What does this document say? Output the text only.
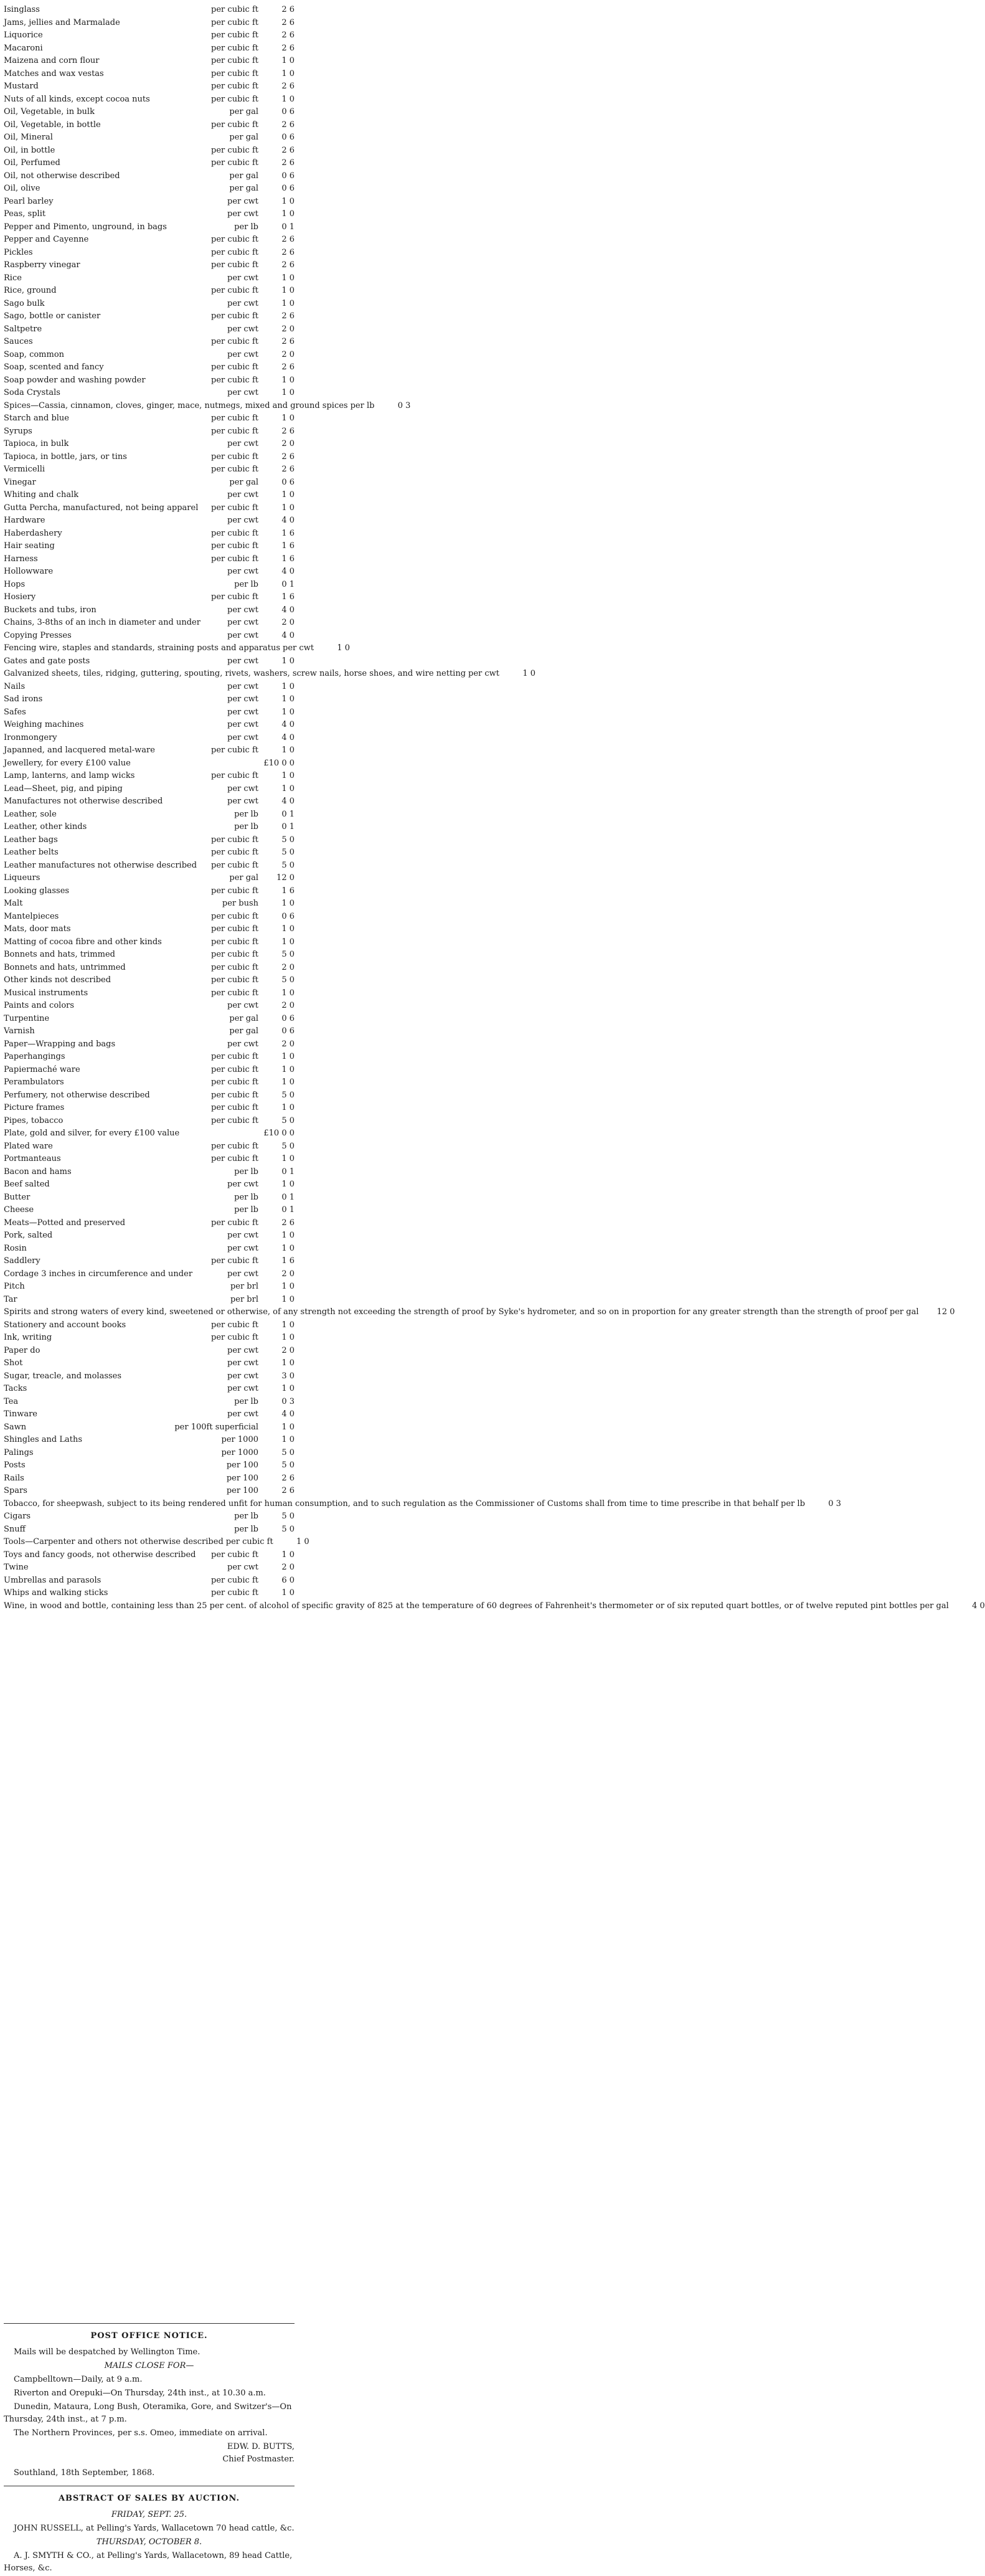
Isinglass	per cubic ft	2 6
Jams, jellies and Marmalade	per cubic ft	2 6
Liquorice	per cubic ft	2 6
Macaroni	per cubic ft	2 6
Maizena and corn flour	per cubic ft	1 0
Matches and wax vestas	per cubic ft	1 0
Mustard	per cubic ft	2 6
Nuts of all kinds, except cocoa nuts	per cubic ft	1 0
Oil, Vegetable, in bulk	per gal	0 6
Oil, Vegetable, in bottle	per cubic ft	2 6
Oil, Mineral	per gal	0 6
Oil, in bottle	per cubic ft	2 6
Oil, Perfumed	per cubic ft	2 6
Oil, not otherwise described	per gal	0 6
Oil, olive	per gal	0 6
Pearl barley	per cwt	1 0
Peas, split	per cwt	1 0
Pepper and Pimento, unground, in bags	per lb	0 1
Pepper and Cayenne	per cubic ft	2 6
Pickles	per cubic ft	2 6
Raspberry vinegar	per cubic ft	2 6
Rice	per cwt	1 0
Rice, ground	per cubic ft	1 0
Sago bulk	per cwt	1 0
Sago, bottle or canister	per cubic ft	2 6
Saltpetre	per cwt	2 0
Sauces	per cubic ft	2 6
Soap, common	per cwt	2 0
Soap, scented and fancy	per cubic ft	2 6
Soap powder and washing powder	per cubic ft	1 0
Soda Crystals	per cwt	1 0
Spices—Cassia, cinnamon, cloves, ginger, mace, nutmegs, mixed and ground spices per lb	0 3
Starch and blue	per cubic ft	1 0
Syrups	per cubic ft	2 6
Tapioca, in bulk	per cwt	2 0
Tapioca, in bottle, jars, or tins	per cubic ft	2 6
Vermicelli	per cubic ft	2 6
Vinegar	per gal	0 6
Whiting and chalk	per cwt	1 0
Gutta Percha, manufactured, not being apparel	per cubic ft	1 0
Hardware	per cwt	4 0
Haberdashery	per cubic ft	1 6
Hair seating	per cubic ft	1 6
Harness	per cubic ft	1 6
Hollowware	per cwt	4 0
Hops	per lb	0 1
Hosiery	per cubic ft	1 6
Buckets and tubs, iron	per cwt	4 0
Chains, 3-8ths of an inch in diameter and under	per cwt	2 0
Copying Presses	per cwt	4 0
Fencing wire, staples and standards, straining posts and apparatus per cwt	1 0
Gates and gate posts	per cwt	1 0
Galvanized sheets, tiles, ridging, guttering, spouting, rivets, washers, screw nails, horse shoes, and wire netting per cwt	1 0
Nails	per cwt	1 0
Sad irons	per cwt	1 0
Safes	per cwt	1 0
Weighing machines	per cwt	4 0
Ironmongery	per cwt	4 0
Japanned, and lacquered metal-ware	per cubic ft	1 0
Jewellery, for every £100 value	£10 0 0
Lamp, lanterns, and lamp wicks	per cubic ft	1 0
Lead—Sheet, pig, and piping	per cwt	1 0
Manufactures not otherwise described	per cwt	4 0
Leather, sole	per lb	0 1
Leather, other kinds	per lb	0 1
Leather bags	per cubic ft	5 0
Leather belts	per cubic ft	5 0
Leather manufactures not otherwise described	per cubic ft	5 0
Liqueurs	per gal	12 0
Looking glasses	per cubic ft	1 6
Malt	per bush	1 0
Mantelpieces	per cubic ft	0 6
Mats, door mats	per cubic ft	1 0
Matting of cocoa fibre and other kinds	per cubic ft	1 0
Bonnets and hats, trimmed	per cubic ft	5 0
Bonnets and hats, untrimmed	per cubic ft	2 0
Other kinds not described	per cubic ft	5 0
Musical instruments	per cubic ft	1 0
Paints and colors	per cwt	2 0
Turpentine	per gal	0 6
Varnish	per gal	0 6
Paper—Wrapping and bags	per cwt	2 0
Paperhangings	per cubic ft	1 0
Papiermaché ware	per cubic ft	1 0
Perambulators	per cubic ft	1 0
Perfumery, not otherwise described	per cubic ft	5 0
Picture frames	per cubic ft	1 0
Pipes, tobacco	per cubic ft	5 0
Plate, gold and silver, for every £100 value	£10 0 0
Plated ware	per cubic ft	5 0
Portmanteaus	per cubic ft	1 0
Bacon and hams	per lb	0 1
Beef salted	per cwt	1 0
Butter	per lb	0 1
Cheese	per lb	0 1
Meats—Potted and preserved	per cubic ft	2 6
Pork, salted	per cwt	1 0
Rosin	per cwt	1 0
Saddlery	per cubic ft	1 6
Cordage 3 inches in circumference and under	per cwt	2 0
Pitch	per brl	1 0
Tar	per brl	1 0
Spirits and strong waters of every kind, sweetened or otherwise, of any strength not exceeding the strength of proof by Syke's hydrometer, and so on in proportion for any greater strength than the strength of proof per gal	12 0
Stationery and account books	per cubic ft	1 0
Ink, writing	per cubic ft	1 0
Paper do	per cwt	2 0
Shot	per cwt	1 0
Sugar, treacle, and molasses	per cwt	3 0
Tacks	per cwt	1 0
Tea	per lb	0 3
Tinware	per cwt	4 0
Sawn	per 100ft superficial	1 0
Shingles and Laths	per 1000	1 0
Palings	per 1000	5 0
Posts	per 100	5 0
Rails	per 100	2 6
Spars	per 100	2 6
Tobacco, for sheepwash, subject to its being rendered unfit for human consumption, and to such regulation as the Commissioner of Customs shall from time to time prescribe in that behalf per lb	0 3
Cigars	per lb	5 0
Snuff	per lb	5 0
Tools—Carpenter and others not otherwise described per cubic ft	1 0
Toys and fancy goods, not otherwise described	per cubic ft	1 0
Twine	per cwt	2 0
Umbrellas and parasols	per cubic ft	6 0
Whips and walking sticks	per cubic ft	1 0
Wine, in wood and bottle, containing less than 25 per cent. of alcohol of specific gravity of 825 at the temperature of 60 degrees of Fahrenheit's thermometer or of six reputed quart bottles, or of twelve reputed pint bottles per gal	4 0
POST OFFICE NOTICE.
Mails will be despatched by Wellington Time.
MAILS CLOSE FOR—
Campbelltown—Daily, at 9 a.m.
Riverton and Orepuki—On Thursday, 24th inst., at 10.30 a.m.
Dunedin, Mataura, Long Bush, Oteramika, Gore, and Switzer's—On Thursday, 24th inst., at 7 p.m.
The Northern Provinces, per s.s. Omeo, immediate on arrival.
EDW. D. BUTTS,
Chief Postmaster.
Southland, 18th September, 1868.
ABSTRACT OF SALES BY AUCTION.
FRIDAY, SEPT. 25.
JOHN RUSSELL, at Pelling's Yards, Wallacetown 70 head cattle, &c.
THURSDAY, OCTOBER 8.
A. J. SMYTH & CO., at Pelling's Yards, Wallacetown, 89 head Cattle, Horses, &c.
